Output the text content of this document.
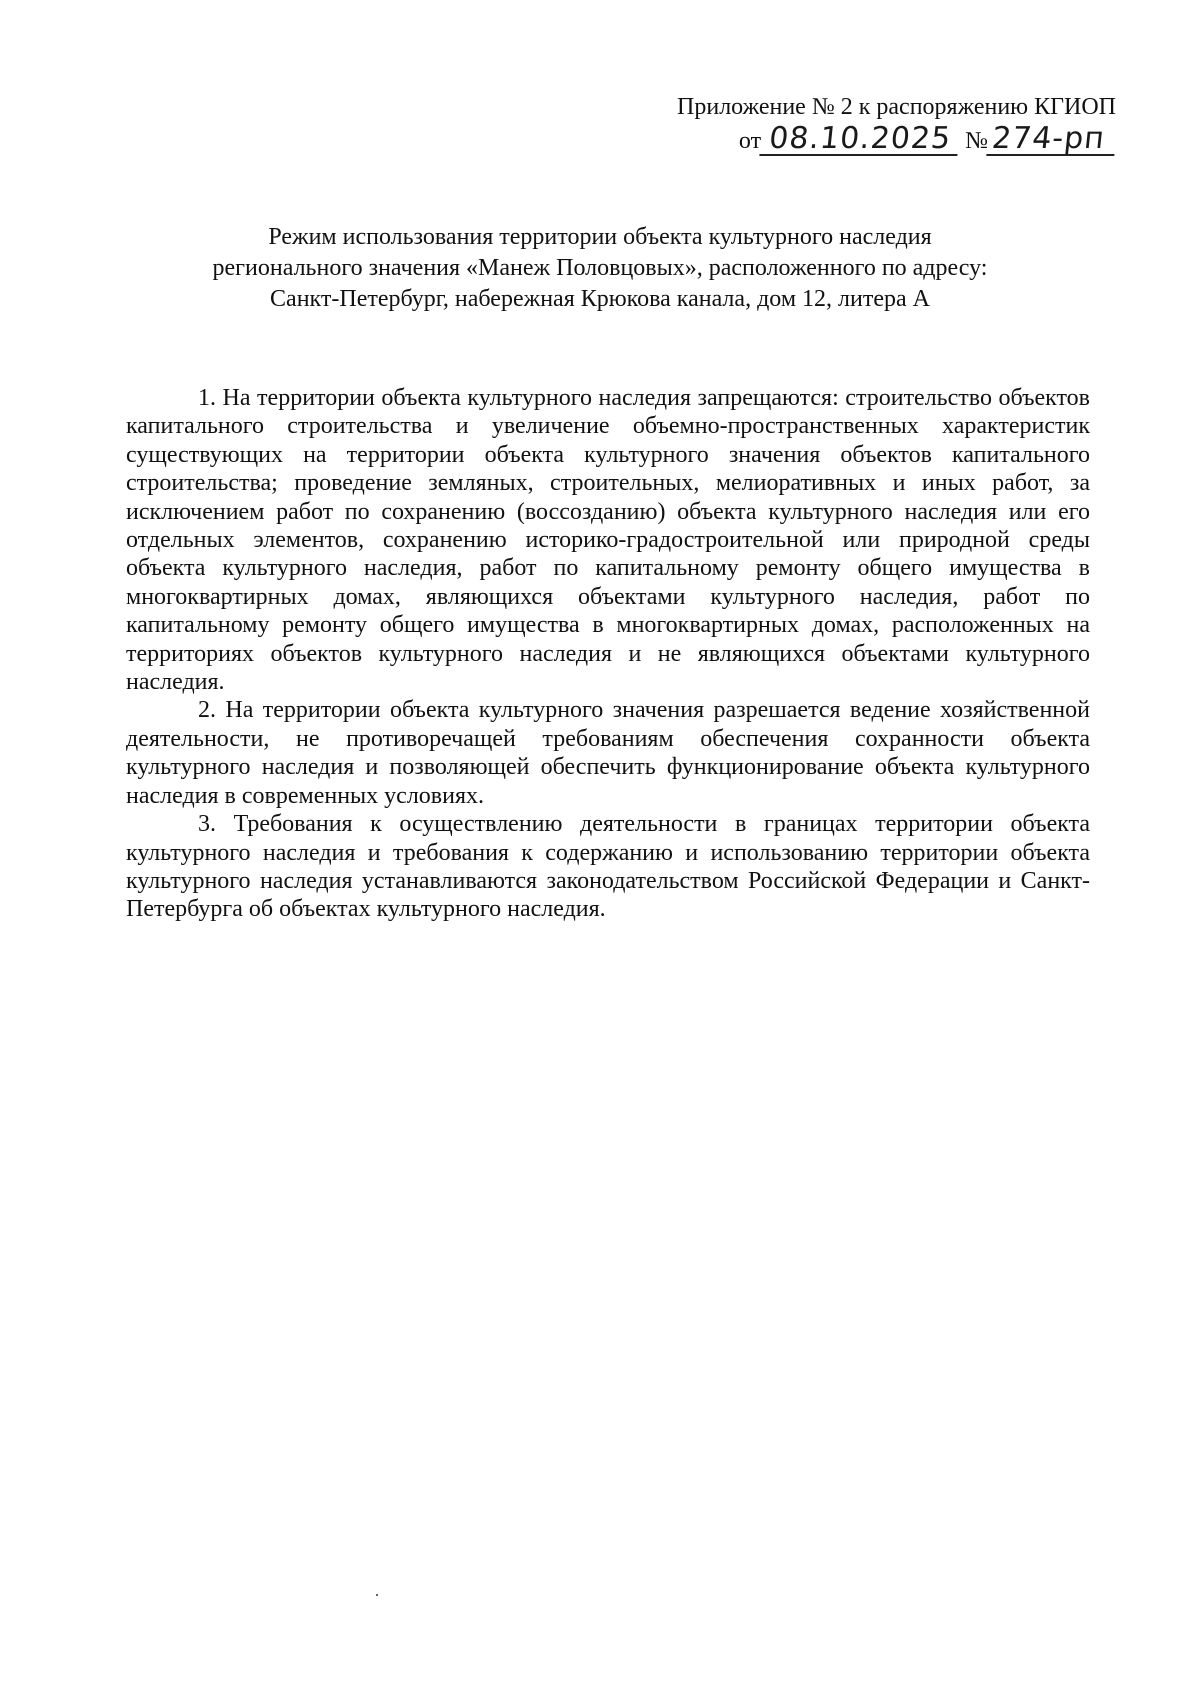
Приложение № 2 к распоряжению КГИОП
от 08.10.2025 №274-рп
Режим использования территории объекта культурного наследия
регионального значения «Манеж Половцовых», расположенного по адресу:
Санкт-Петербург, набережная Крюкова канала, дом 12, литера А

1. На территории объекта культурного наследия запрещаются: строительство объектов капитального строительства и увеличение объемно-пространственных характеристик существующих на территории объекта культурного значения объектов капитального строительства; проведение земляных, строительных, мелиоративных и иных работ, за исключением работ по сохранению (воссозданию) объекта культурного наследия или его отдельных элементов, сохранению историко-градостроительной или природной среды объекта культурного наследия, работ по капитальному ремонту общего имущества в многоквартирных домах, являющихся объектами культурного наследия, работ по капитальному ремонту общего имущества в многоквартирных домах, расположенных на территориях объектов культурного наследия и не являющихся объектами культурного наследия.

2. На территории объекта культурного значения разрешается ведение хозяйственной деятельности, не противоречащей требованиям обеспечения сохранности объекта культурного наследия и позволяющей обеспечить функционирование объекта культурного наследия в современных условиях.

3. Требования к осуществлению деятельности в границах территории объекта культурного наследия и требования к содержанию и использованию территории объекта культурного наследия устанавливаются законодательством Российской Федерации и Санкт-Петербурга об объектах культурного наследия.
